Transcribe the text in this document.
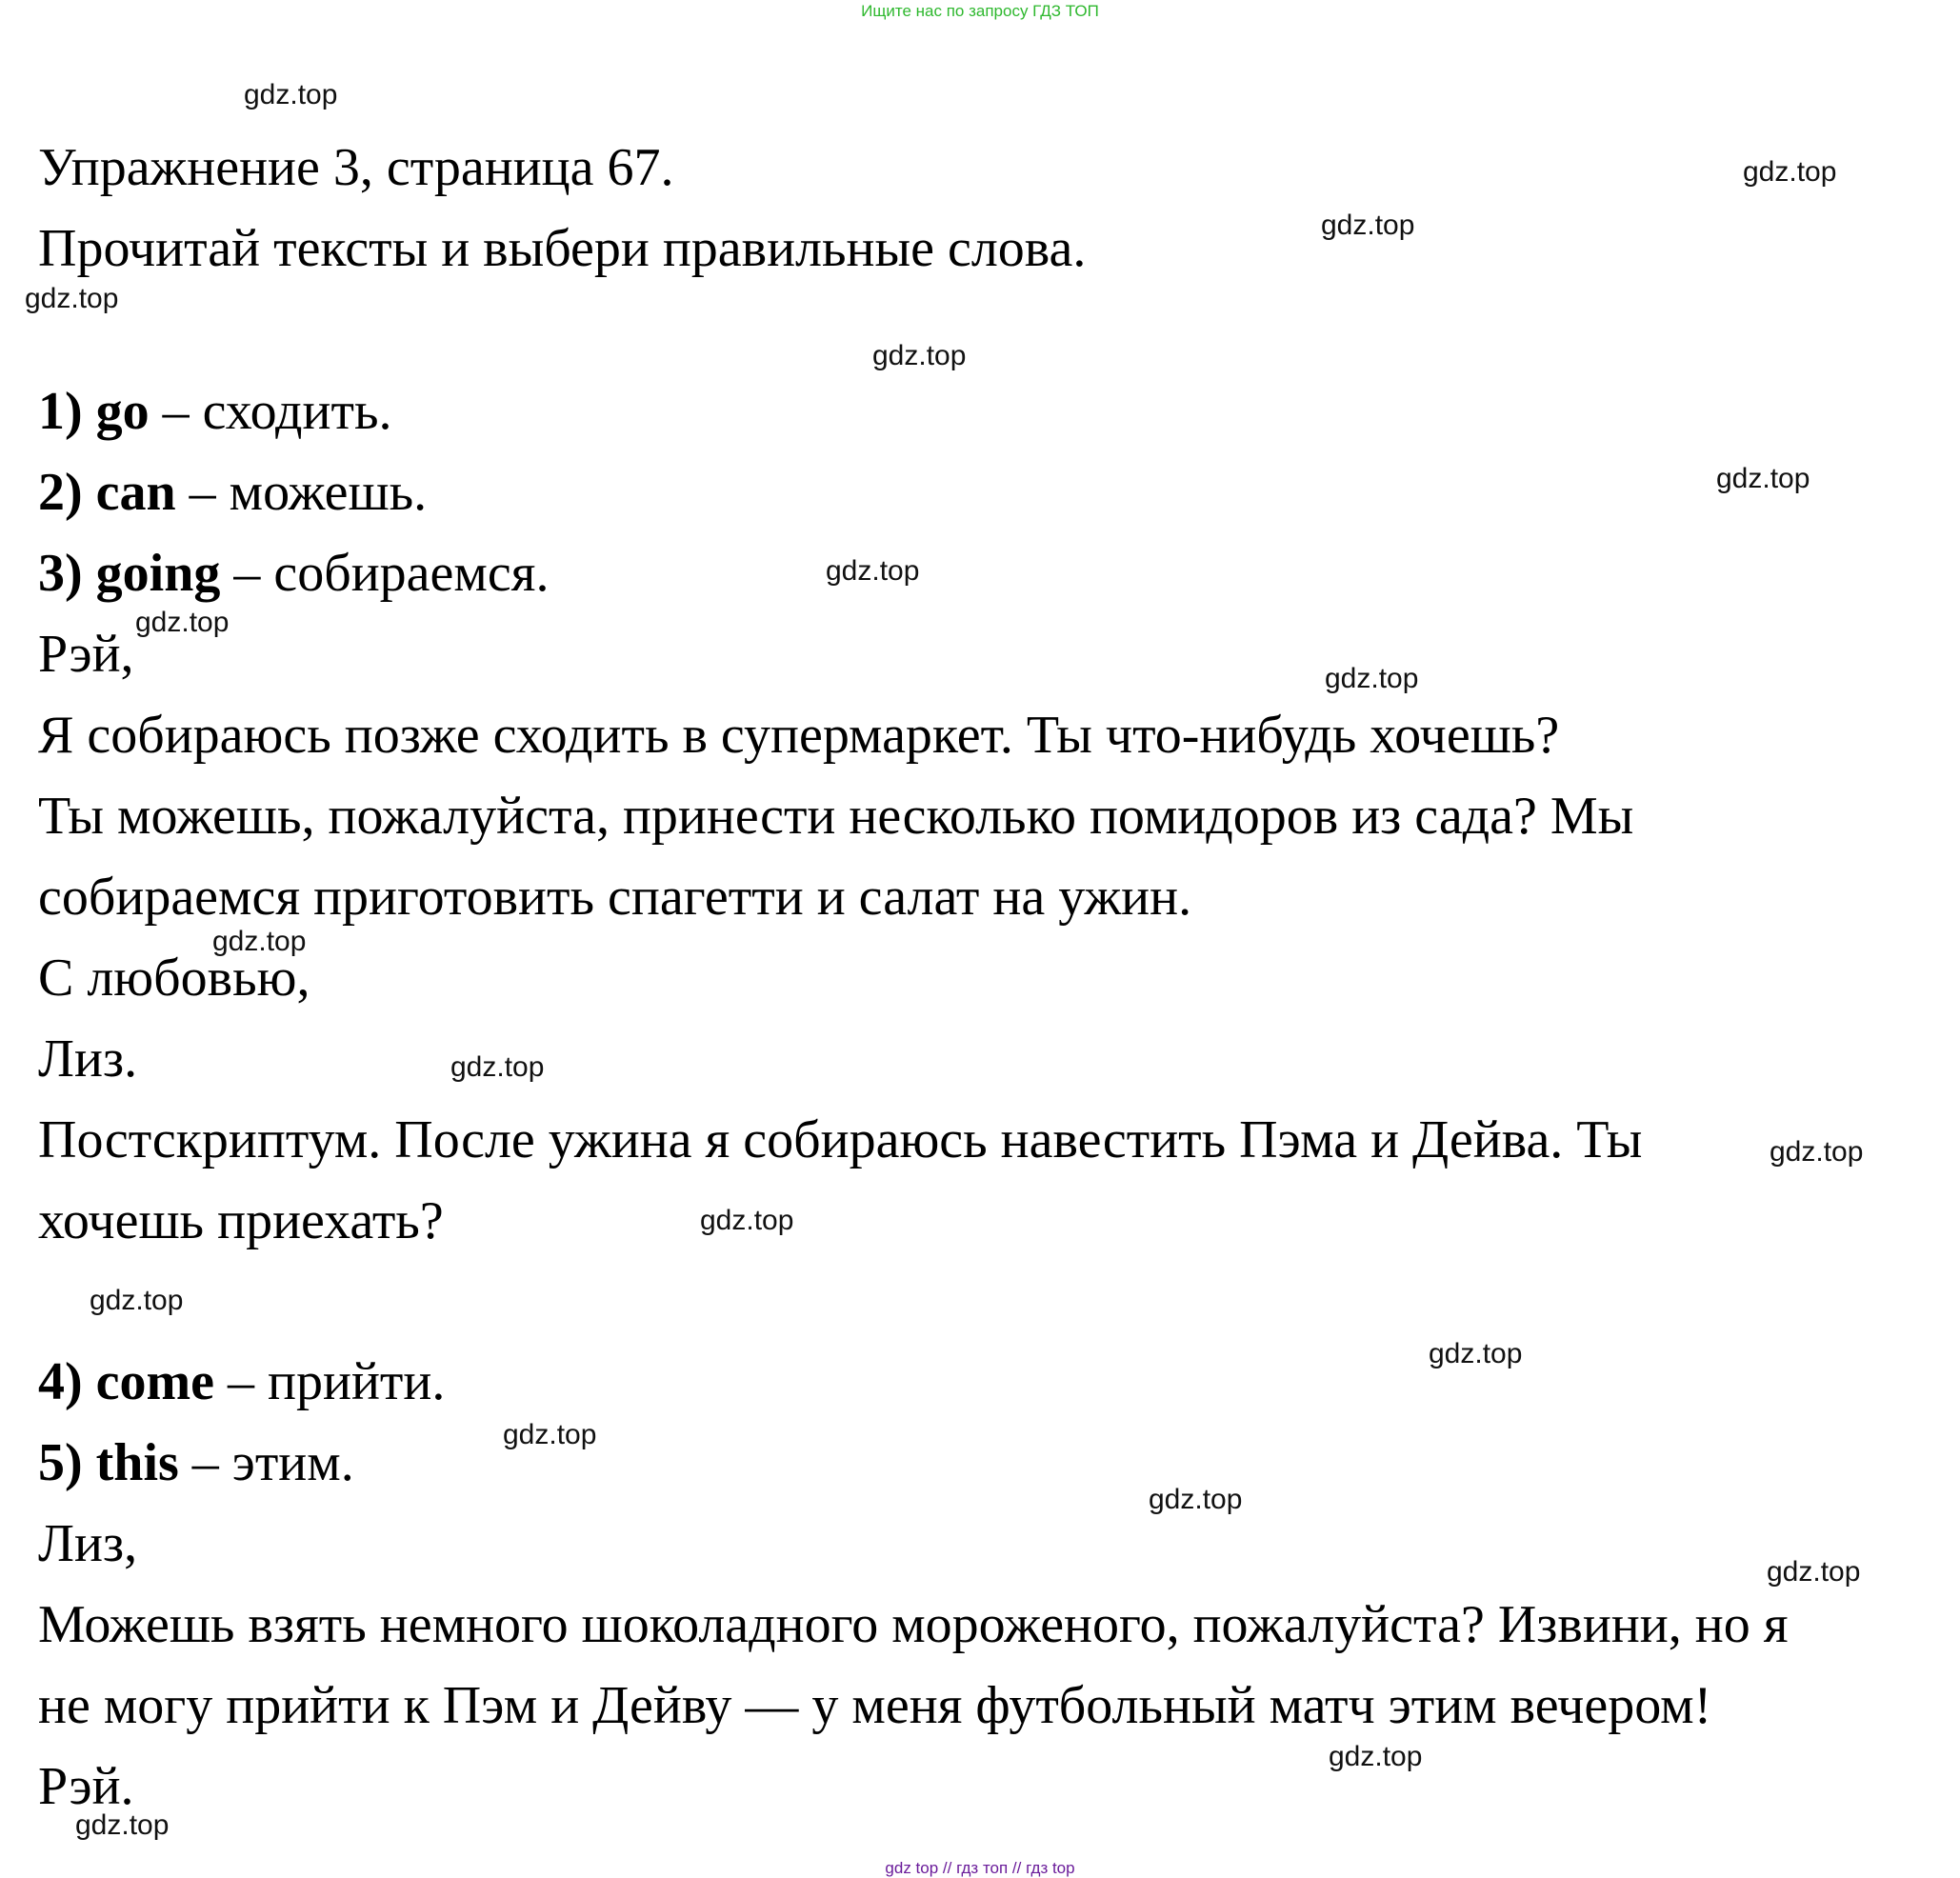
Ищите нас по запросу ГДЗ ТОП
Упражнение 3, страница 67.
Прочитай тексты и выбери правильные слова.
1) go – сходить.
2) can – можешь.
3) going – собираемся.
Рэй,
Я собираюсь позже сходить в супермаркет. Ты что-нибудь хочешь?
Ты можешь, пожалуйста, принести несколько помидоров из сада? Мы
собираемся приготовить спагетти и салат на ужин.
С любовью,
Лиз.
Постскриптум. После ужина я собираюсь навестить Пэма и Дейва. Ты
хочешь приехать?
4) come – прийти.
5) this – этим.
Лиз,
Можешь взять немного шоколадного мороженого, пожалуйста? Извини, но я
не могу прийти к Пэм и Дейву — у меня футбольный матч этим вечером!
Рэй.
gdz.top
gdz.top
gdz.top
gdz.top
gdz.top
gdz.top
gdz.top
gdz.top
gdz.top
gdz.top
gdz.top
gdz.top
gdz.top
gdz.top
gdz.top
gdz.top
gdz.top
gdz.top
gdz.top
gdz.top
gdz top // гдз топ // гдз top
